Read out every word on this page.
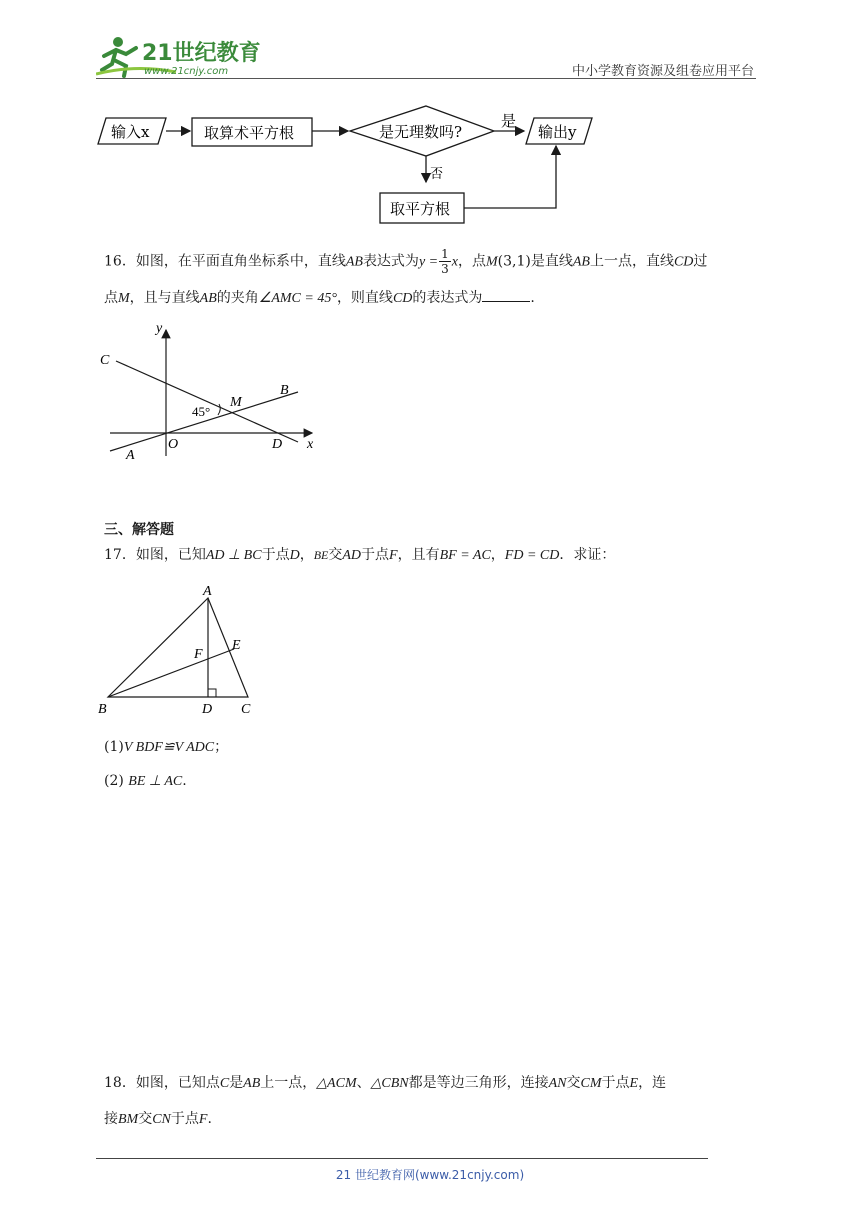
21世纪教育
www.21cnjy.com	中小学教育资源及组卷应用平台
输入x	取算术平方根	是无理数吗?
是
输出y
否
取平方根
16．如图，在平面直角坐标系中，直线AB表达式为$y = \frac{1}{3}$ x，点M(3,1)是直线AB上一点，直线CD过
点M，且与直线AB的夹角∠AMC = 45°，则直线CD的表达式为	.
y
x
C
B
M
45°
O	D
A
三、解答题
17．如图，已知AD ⊥ BC于点D，BE交AD于点F，且有BF = AC，FD = CD．求证：
A
E
F
B	D C
(1)V BDF≌V ADC；
(2) BE ⊥ AC.
18．如图，已知点C是AB上一点，△ACM、△CBN都是等边三角形，连接AN交CM于点E，连
接BM交CN于点F.
21 世纪教育网(www.21cnjy.com)
